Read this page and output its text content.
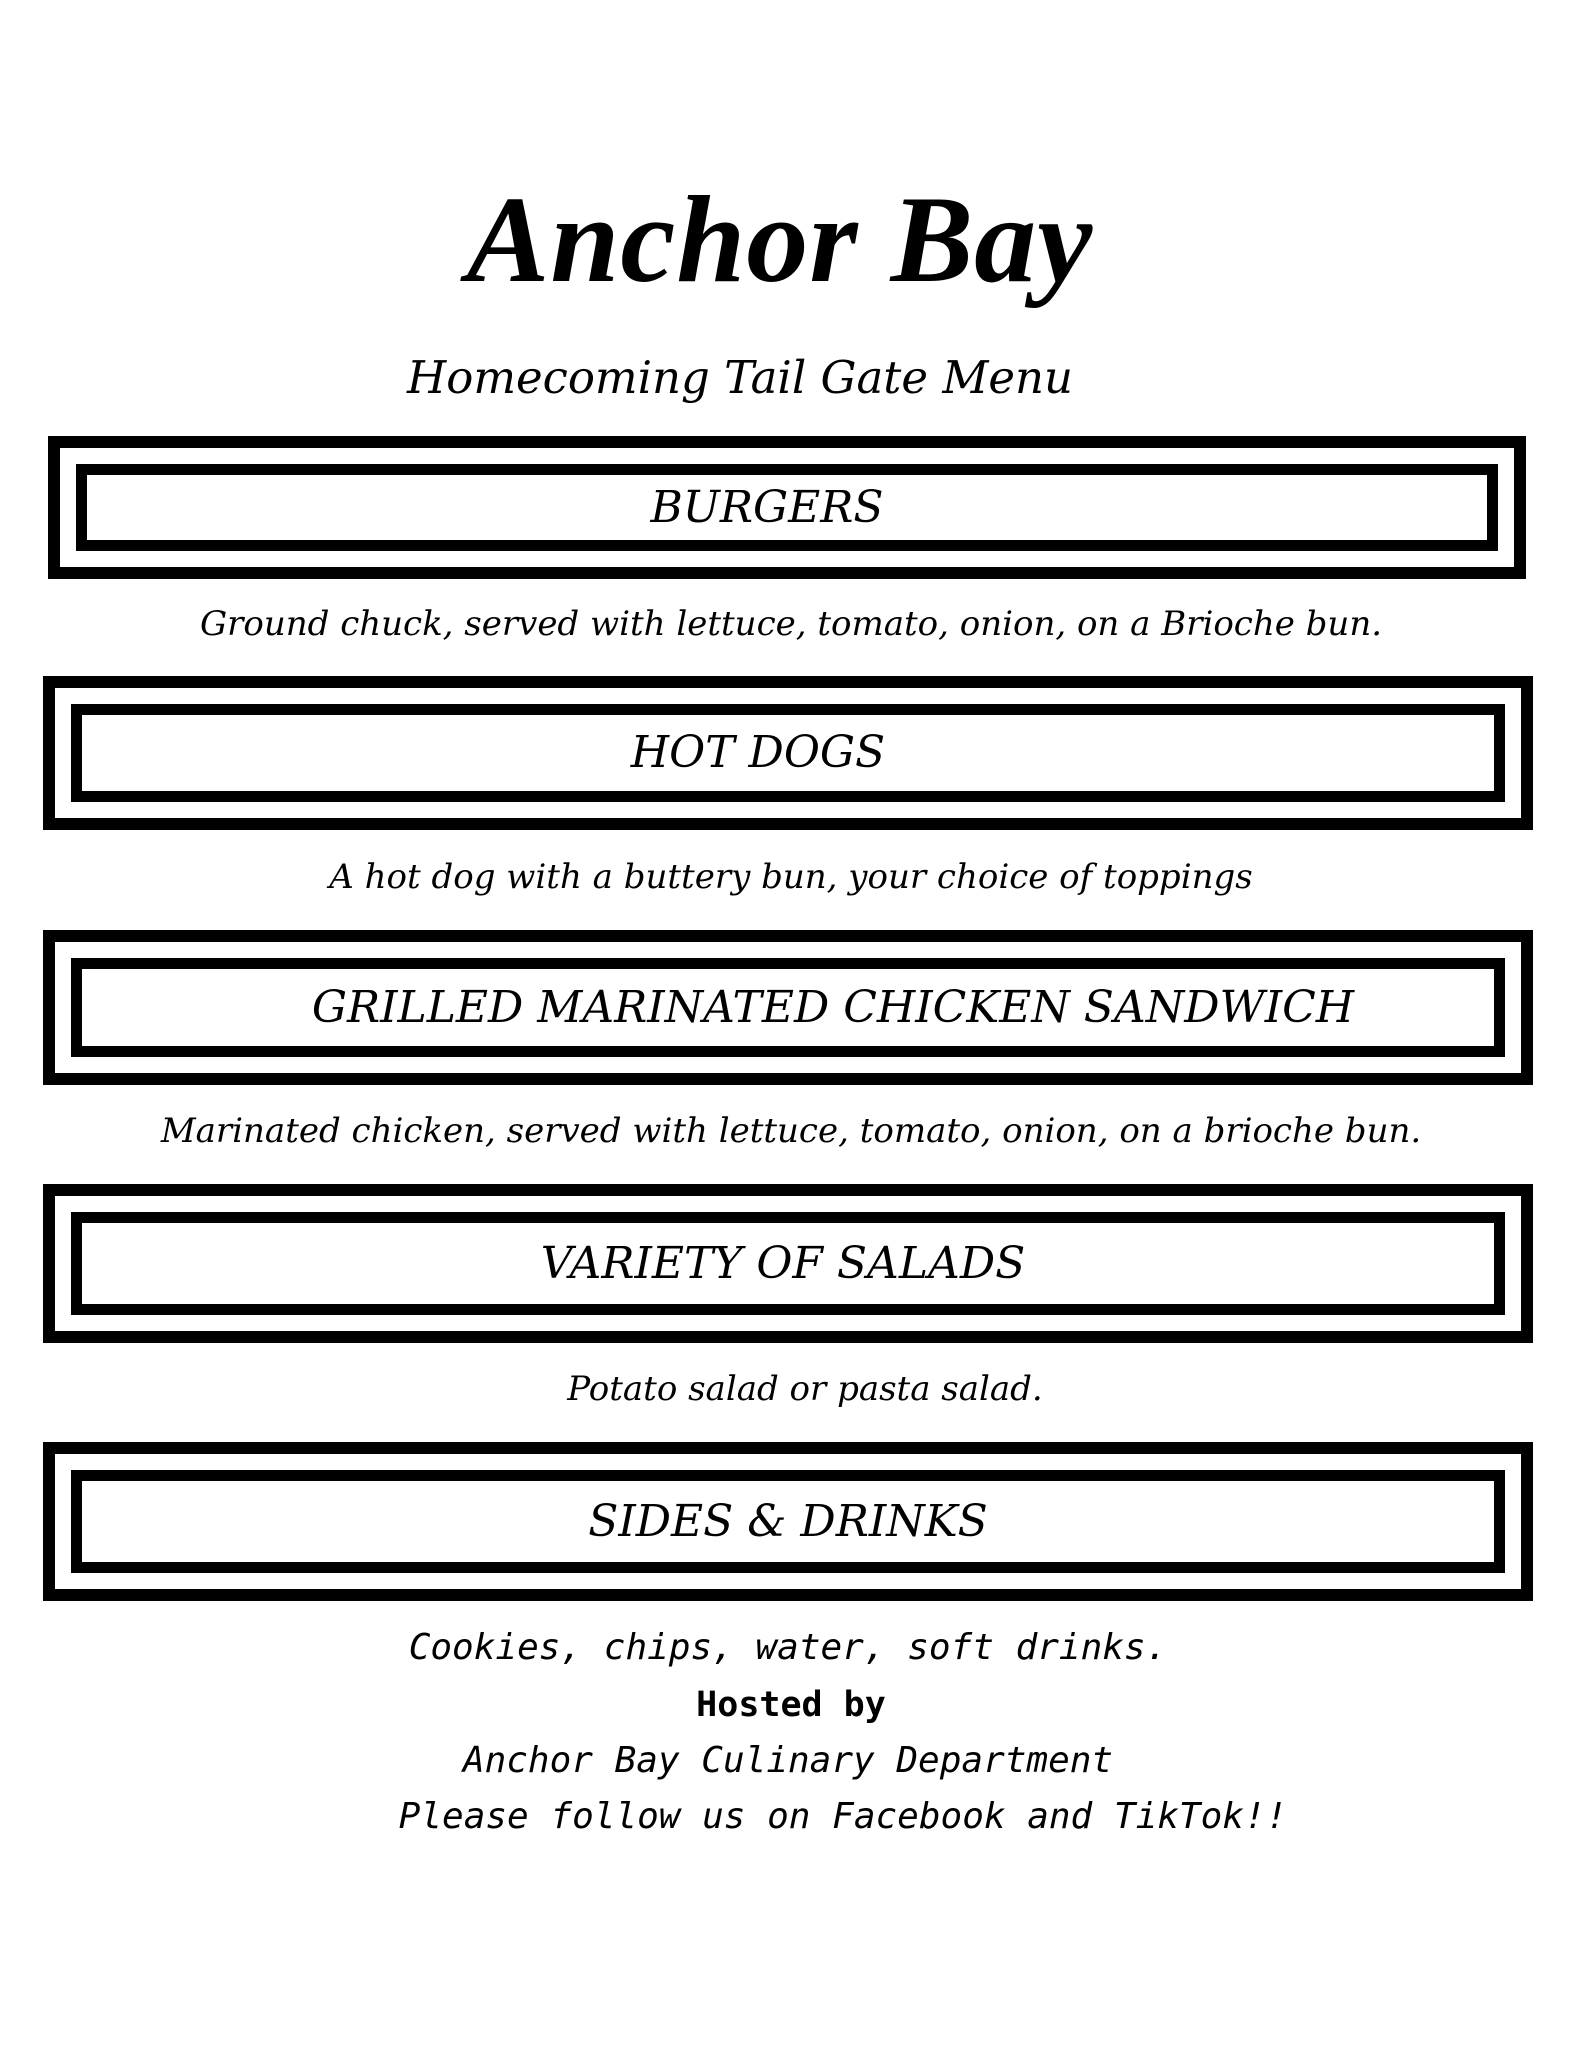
Anchor Bay
Homecoming Tail Gate Menu
BURGERS
Ground chuck, served with lettuce, tomato, onion, on a Brioche bun.
HOT DOGS
A hot dog with a buttery bun, your choice of toppings
GRILLED MARINATED CHICKEN SANDWICH
Marinated chicken, served with lettuce, tomato, onion, on a brioche bun.
VARIETY OF SALADS
Potato salad or pasta salad.
SIDES & DRINKS
Cookies, chips, water, soft drinks.
Hosted by
Anchor Bay Culinary Department
Please follow us on Facebook and TikTok!!
